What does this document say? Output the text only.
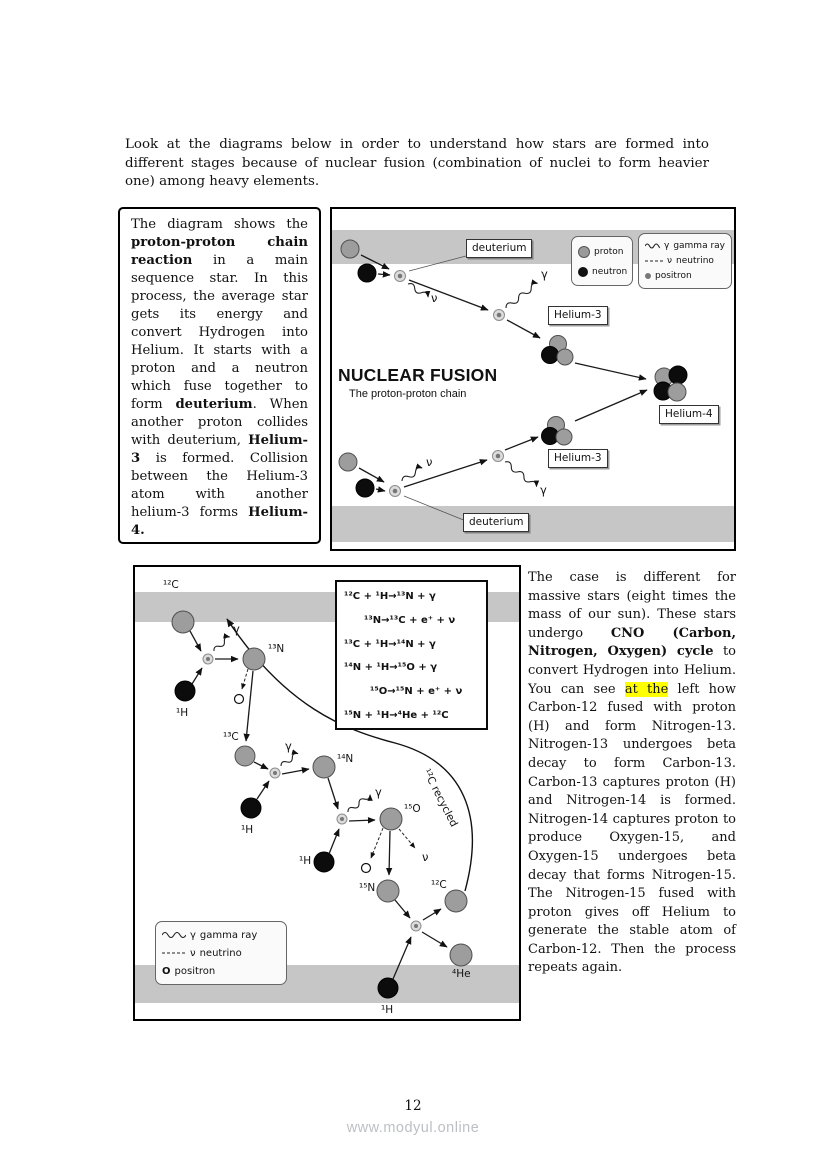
Look at the diagrams below in order to understand how stars are formed into different stages because of nuclear fusion (combination of nuclei to form heavier one) among heavy elements.

The diagram shows the proton-proton chain reaction in a main sequence star. In this process, the average star gets its energy and convert Hydrogen into Helium. It starts with a proton and a neutron which fuse together to form deuterium. When another proton collides with deuterium, Helium-3 is formed. Collision between the Helium-3 atom with another helium-3 forms Helium-4.
deuterium
Helium-3
Helium-4
Helium-3
deuterium
γ
ν
ν
γ
NUCLEAR FUSION
The proton-proton chain
proton
neutron
γ gamma ray
ν neutrino
positron
¹²C
¹³N
¹H
¹³C
¹⁴N
¹H
¹⁵O
¹H
¹⁵N	¹²C
⁴He
¹H
γ
γ
γ
ν
¹²C recycled
¹²C + ¹H→¹³N + γ
¹³N→¹³C + e⁺ + ν
¹³C + ¹H→¹⁴N + γ
¹⁴N + ¹H→¹⁵O + γ
¹⁵O→¹⁵N + e⁺ + ν
¹⁵N + ¹H→⁴He + ¹²C
γ gamma ray
ν neutrino
O positron
The case is different for massive stars (eight times the mass of our sun). These stars undergo CNO (Carbon, Nitrogen, Oxygen) cycle to convert Hydrogen into Helium. You can see at the left how Carbon-12 fused with proton (H) and form Nitrogen-13. Nitrogen-13 undergoes beta decay to form Carbon-13. Carbon-13 captures proton (H) and Nitrogen-14 is formed. Nitrogen-14 captures proton to produce Oxygen-15, and Oxygen-15 undergoes beta decay that forms Nitrogen-15. The Nitrogen-15 fused with proton gives off Helium to generate the stable atom of Carbon-12. Then the process repeats again.
12
www.modyul.online
